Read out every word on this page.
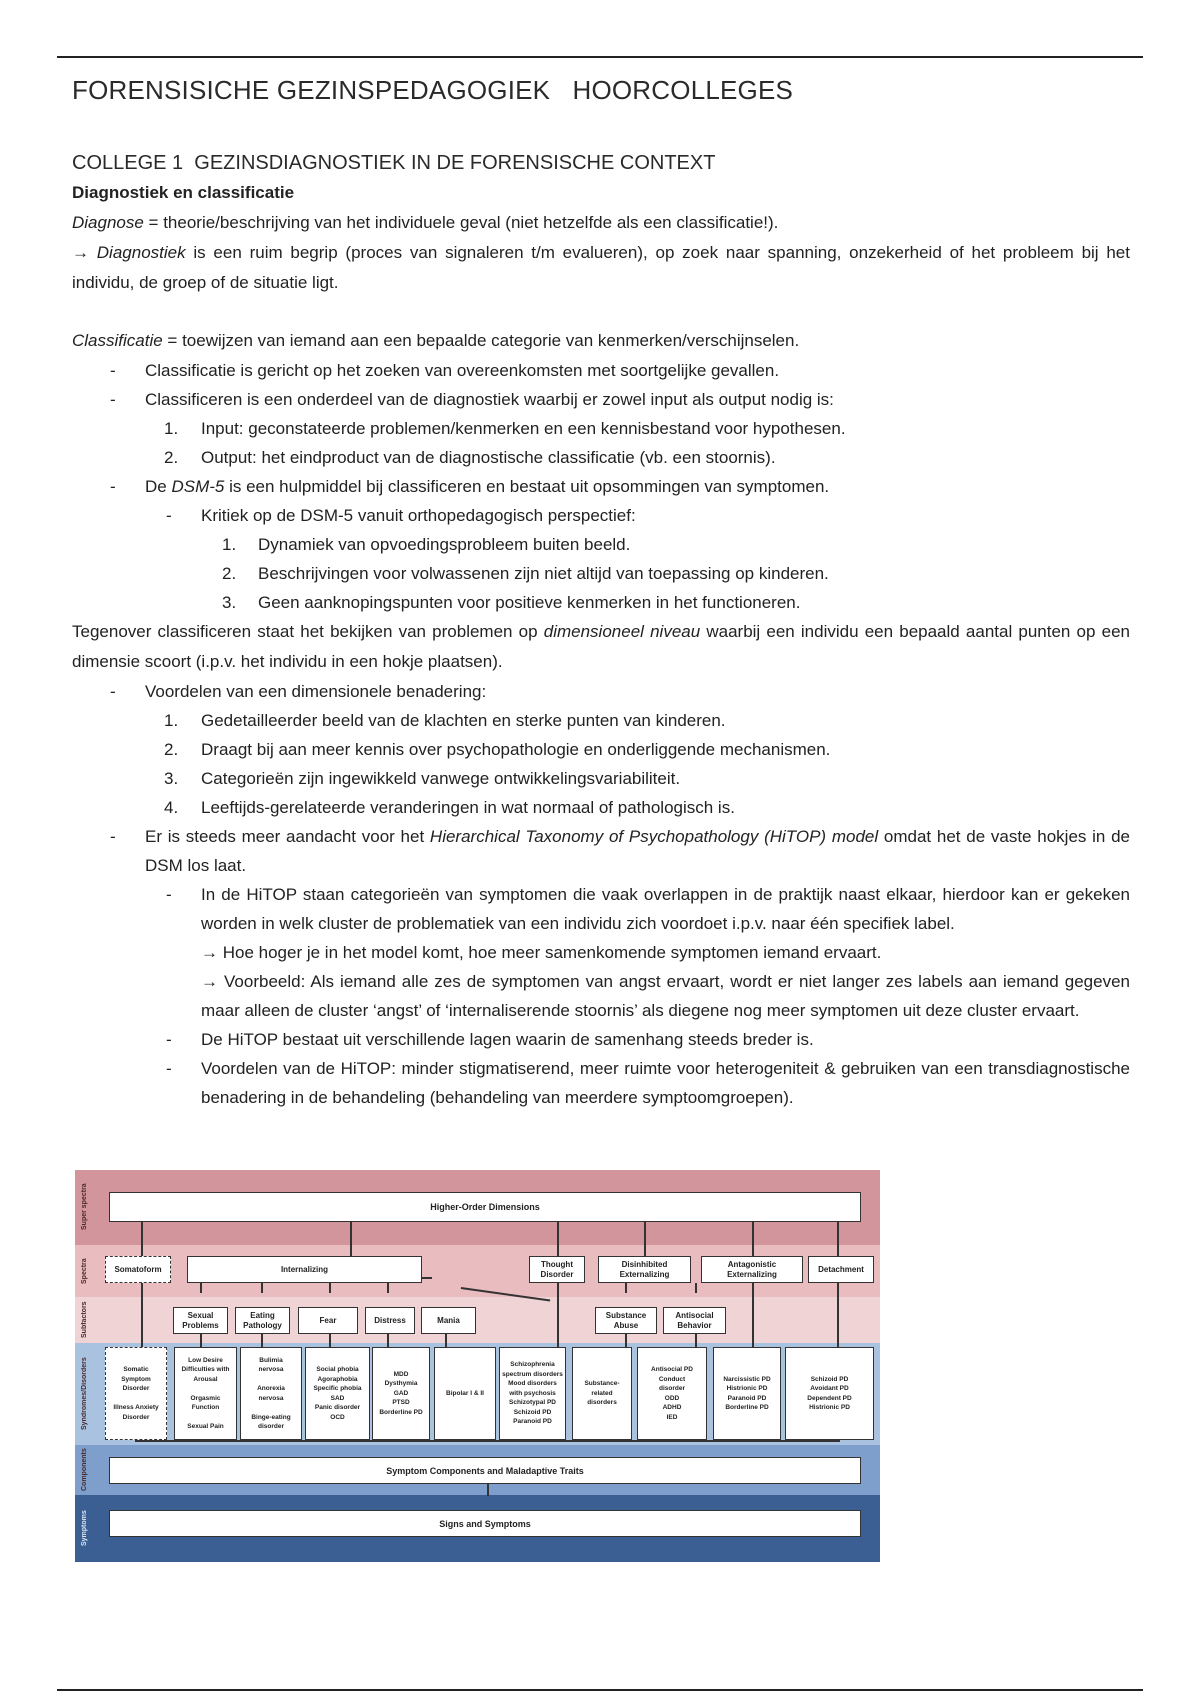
FORENSISICHE GEZINSPEDAGOGIEK   HOORCOLLEGES

COLLEGE 1  GEZINSDIAGNOSTIEK IN DE FORENSISCHE CONTEXT

Diagnostiek en classificatie

Diagnose = theorie/beschrijving van het individuele geval (niet hetzelfde als een classificatie!).

→ Diagnostiek is een ruim begrip (proces van signaleren t/m evalueren), op zoek naar spanning, onzekerheid of het probleem bij het individu, de groep of de situatie ligt.

Classificatie = toewijzen van iemand aan een bepaalde categorie van kenmerken/verschijnselen.

- Classificatie is gericht op het zoeken van overeenkomsten met soortgelijke gevallen.
- Classificeren is een onderdeel van de diagnostiek waarbij er zowel input als output nodig is:
1. Input: geconstateerde problemen/kenmerken en een kennisbestand voor hypothesen.
2. Output: het eindproduct van de diagnostische classificatie (vb. een stoornis).
- De DSM-5 is een hulpmiddel bij classificeren en bestaat uit opsommingen van symptomen.
- Kritiek op de DSM-5 vanuit orthopedagogisch perspectief:
1. Dynamiek van opvoedingsprobleem buiten beeld.
2. Beschrijvingen voor volwassenen zijn niet altijd van toepassing op kinderen.
3. Geen aanknopingspunten voor positieve kenmerken in het functioneren.

Tegenover classificeren staat het bekijken van problemen op dimensioneel niveau waarbij een individu een bepaald aantal punten op een dimensie scoort (i.p.v. het individu in een hokje plaatsen).

- Voordelen van een dimensionele benadering:
1. Gedetailleerder beeld van de klachten en sterke punten van kinderen.
2. Draagt bij aan meer kennis over psychopathologie en onderliggende mechanismen.
3. Categorieën zijn ingewikkeld vanwege ontwikkelingsvariabiliteit.
4. Leeftijds-gerelateerde veranderingen in wat normaal of pathologisch is.
- Er is steeds meer aandacht voor het Hierarchical Taxonomy of Psychopathology (HiTOP) model omdat het de vaste hokjes in de DSM los laat.
- In de HiTOP staan categorieën van symptomen die vaak overlappen in de praktijk naast elkaar, hierdoor kan er gekeken worden in welk cluster de problematiek van een individu zich voordoet i.p.v. naar één specifiek label.
→ Hoe hoger je in het model komt, hoe meer samenkomende symptomen iemand ervaart.
→ Voorbeeld: Als iemand alle zes de symptomen van angst ervaart, wordt er niet langer zes labels aan iemand gegeven maar alleen de cluster ‘angst’ of ‘internaliserende stoornis’ als diegene nog meer symptomen uit deze cluster ervaart.
- De HiTOP bestaat uit verschillende lagen waarin de samenhang steeds breder is.
- Voordelen van de HiTOP: minder stigmatiserend, meer ruimte voor heterogeniteit & gebruiken van een transdiagnostische benadering in de behandeling (behandeling van meerdere symptoomgroepen).
Super spectra
Spectra
Subfactors
Syndromes/Disorders
Components
Symptoms
Higher-Order Dimensions
Somatoform	Internalizing
Thought Disorder
Disinhibited Externalizing
Antagonistic Externalizing
Detachment
Sexual Problems
Eating Pathology
Fear	Distress	Mania
Substance Abuse
Antisocial Behavior
Somatic
Symptom
Disorder

Illness Anxiety
Disorder
Low Desire
Difficulties with
Arousal

Orgasmic
Function

Sexual Pain
Bulimia
nervosa

Anorexia
nervosa

Binge-eating
disorder
Social phobia
Agoraphobia
Specific phobia
SAD
Panic disorder
OCD
MDD
Dysthymia
GAD
PTSD
Borderline PD
Bipolar I & II
Schizophrenia
spectrum disorders
Mood disorders
with psychosis
Schizotypal PD
Schizoid PD
Paranoid PD
Substance-
related
disorders
Antisocial PD
Conduct
disorder
ODD
ADHD
IED
Narcissistic PD
Histrionic PD
Paranoid PD
Borderline PD
Schizoid PD
Avoidant PD
Dependent PD
Histrionic PD
Symptom Components and Maladaptive Traits
Signs and Symptoms
